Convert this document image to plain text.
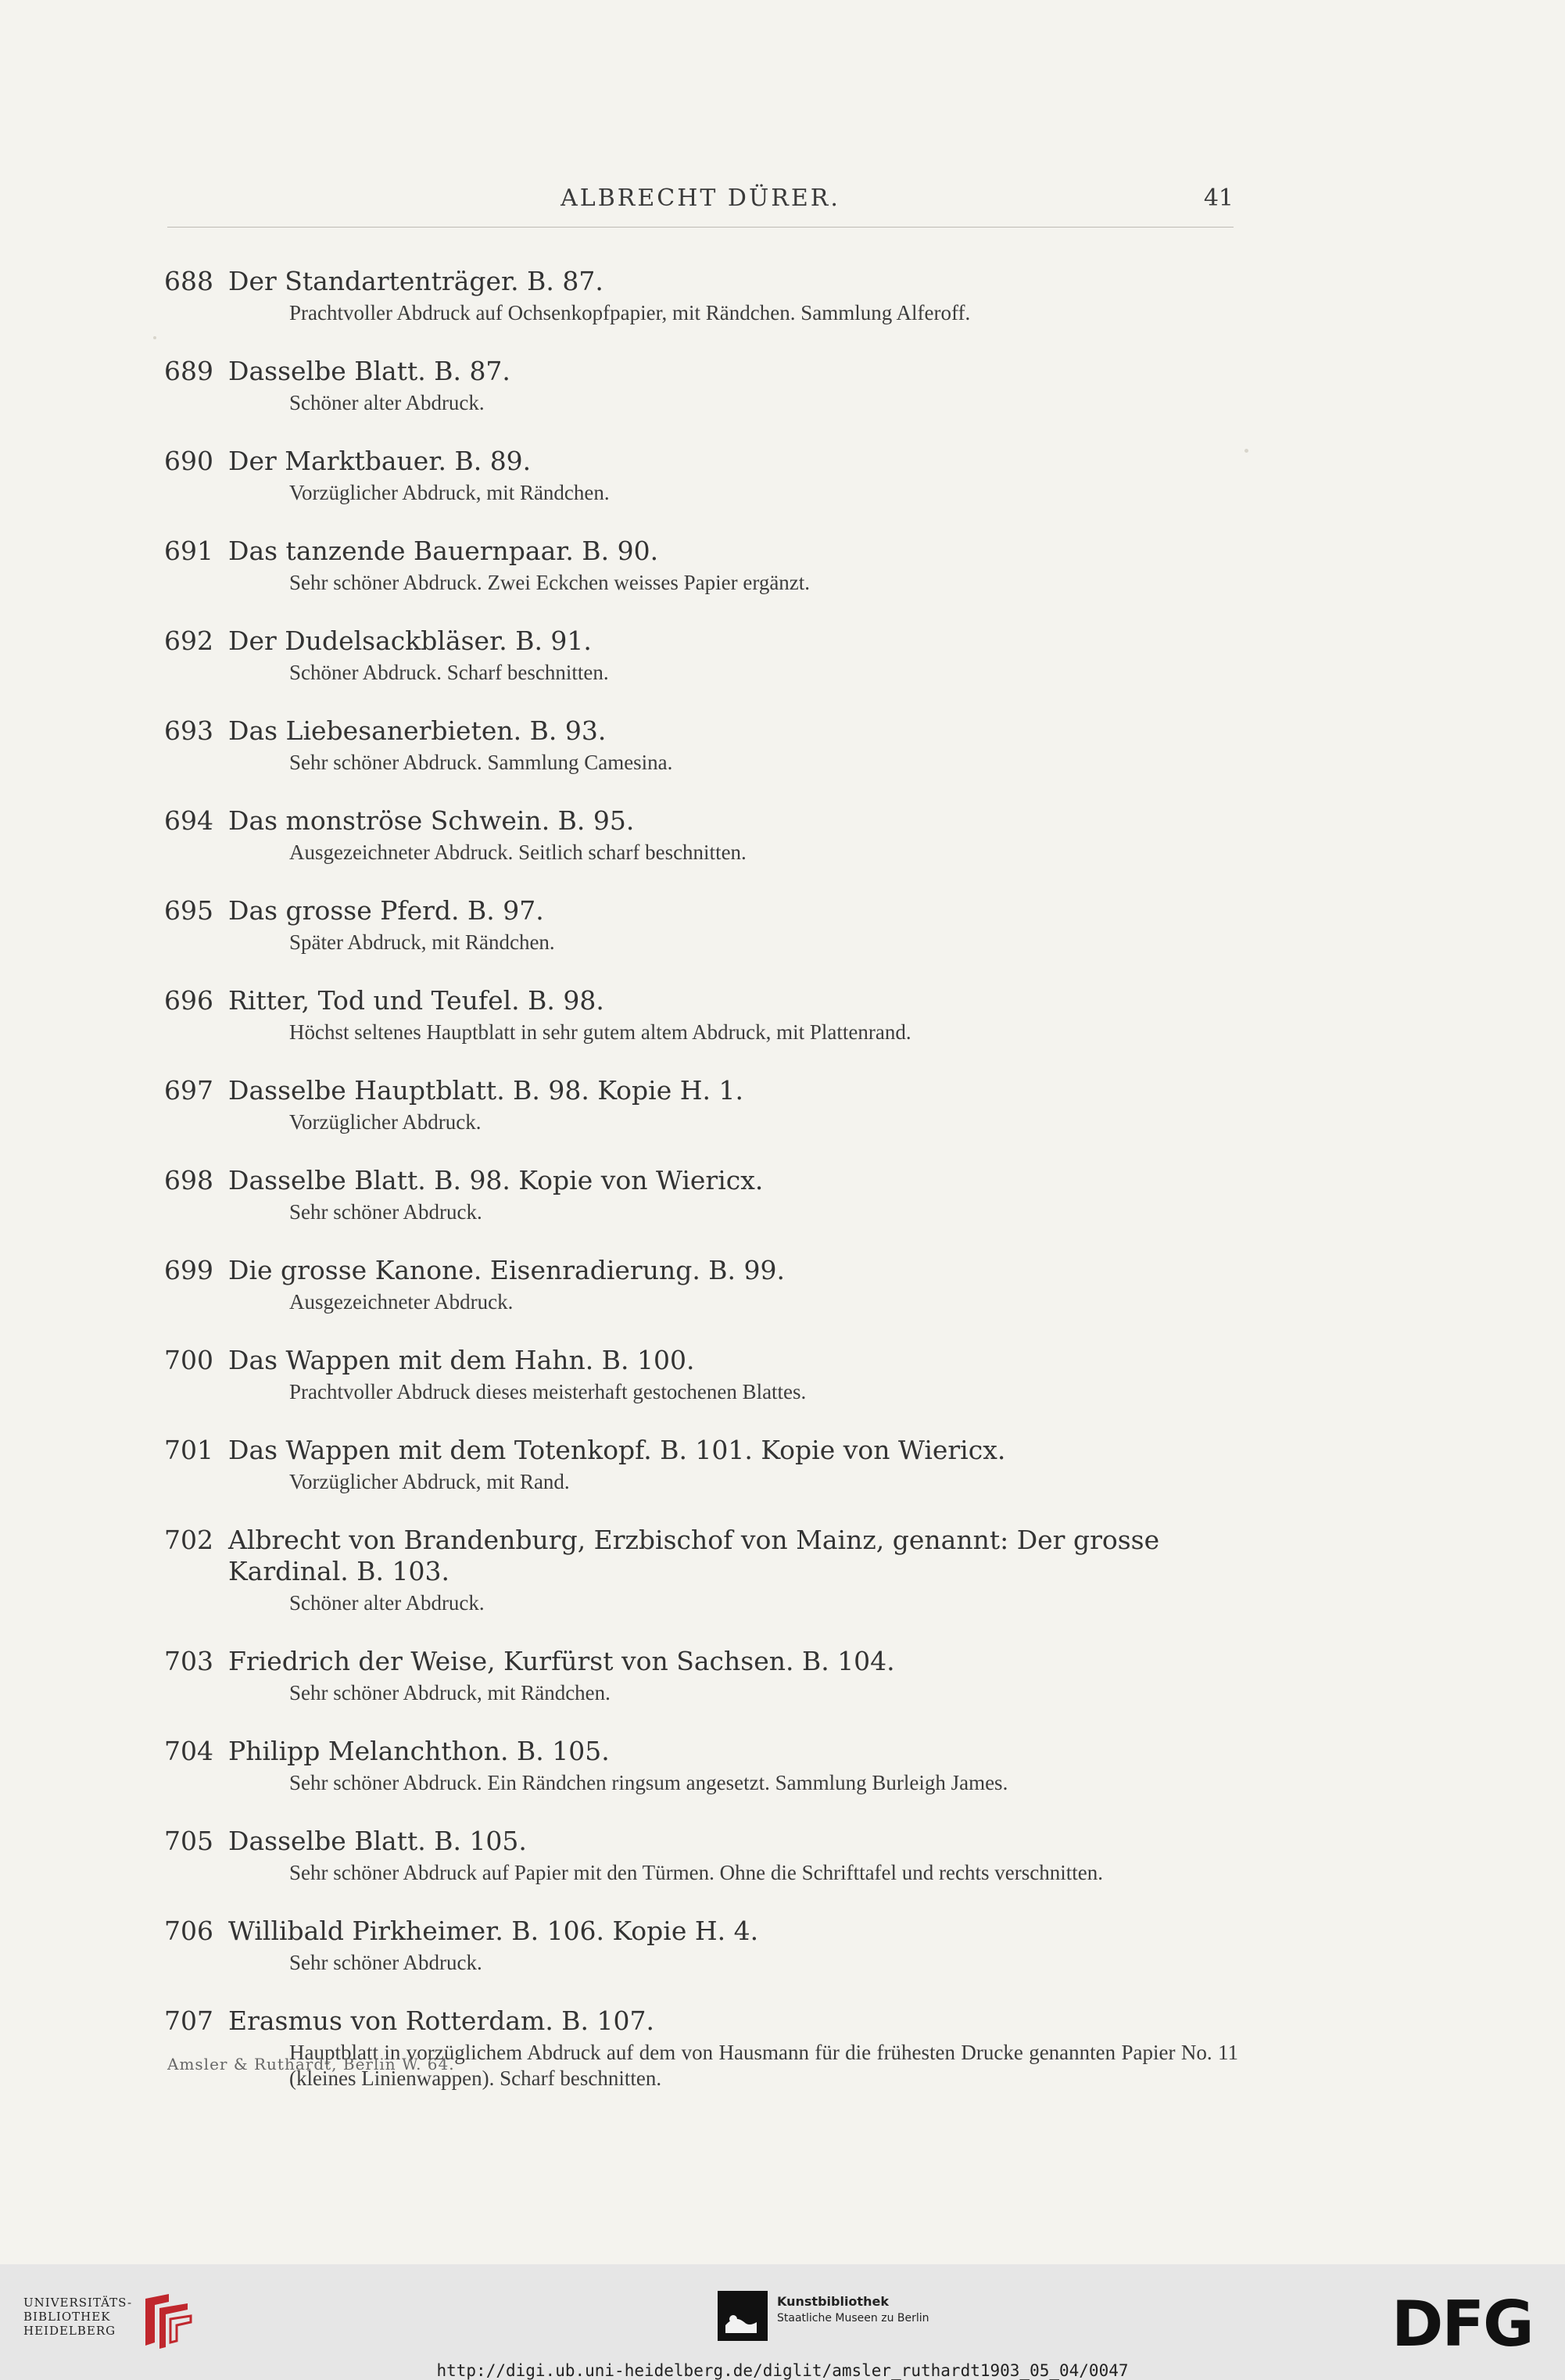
ALBRECHT DÜRER.	41
688 Der Standartenträger. B. 87.
Prachtvoller Abdruck auf Ochsenkopfpapier, mit Rändchen. Sammlung Alferoff.
689 Dasselbe Blatt. B. 87.
Schöner alter Abdruck.
690 Der Marktbauer. B. 89.
Vorzüglicher Abdruck, mit Rändchen.
691 Das tanzende Bauernpaar. B. 90.
Sehr schöner Abdruck. Zwei Eckchen weisses Papier ergänzt.
692 Der Dudelsackbläser. B. 91.
Schöner Abdruck. Scharf beschnitten.
693 Das Liebesanerbieten. B. 93.
Sehr schöner Abdruck. Sammlung Camesina.
694 Das monströse Schwein. B. 95.
Ausgezeichneter Abdruck. Seitlich scharf beschnitten.
695 Das grosse Pferd. B. 97.
Später Abdruck, mit Rändchen.
696 Ritter, Tod und Teufel. B. 98.
Höchst seltenes Hauptblatt in sehr gutem altem Abdruck, mit Plattenrand.
697 Dasselbe Hauptblatt. B. 98. Kopie H. 1.
Vorzüglicher Abdruck.
698 Dasselbe Blatt. B. 98. Kopie von Wiericx.
Sehr schöner Abdruck.
699 Die grosse Kanone. Eisenradierung. B. 99.
Ausgezeichneter Abdruck.
700 Das Wappen mit dem Hahn. B. 100.
Prachtvoller Abdruck dieses meisterhaft gestochenen Blattes.
701 Das Wappen mit dem Totenkopf. B. 101. Kopie von Wiericx.
Vorzüglicher Abdruck, mit Rand.
702 Albrecht von Brandenburg, Erzbischof von Mainz, genannt: Der grosse Kardinal. B. 103.
Schöner alter Abdruck.
703 Friedrich der Weise, Kurfürst von Sachsen. B. 104.
Sehr schöner Abdruck, mit Rändchen.
704 Philipp Melanchthon. B. 105.
Sehr schöner Abdruck. Ein Rändchen ringsum angesetzt. Sammlung Burleigh James.
705 Dasselbe Blatt. B. 105.
Sehr schöner Abdruck auf Papier mit den Türmen. Ohne die Schrifttafel und rechts verschnitten.
706 Willibald Pirkheimer. B. 106. Kopie H. 4.
Sehr schöner Abdruck.
707 Erasmus von Rotterdam. B. 107.
Hauptblatt in vorzüglichem Abdruck auf dem von Hausmann für die frühesten Drucke genannten Papier No. 11 (kleines Linienwappen). Scharf beschnitten.
Amsler & Ruthardt, Berlin W. 64.
UNIVERSITÄTS-
BIBLIOTHEK
HEIDELBERG
Kunstbibliothek
Staatliche Museen zu Berlin	DFG
http://digi.ub.uni-heidelberg.de/diglit/amsler_ruthardt1903_05_04/0047
